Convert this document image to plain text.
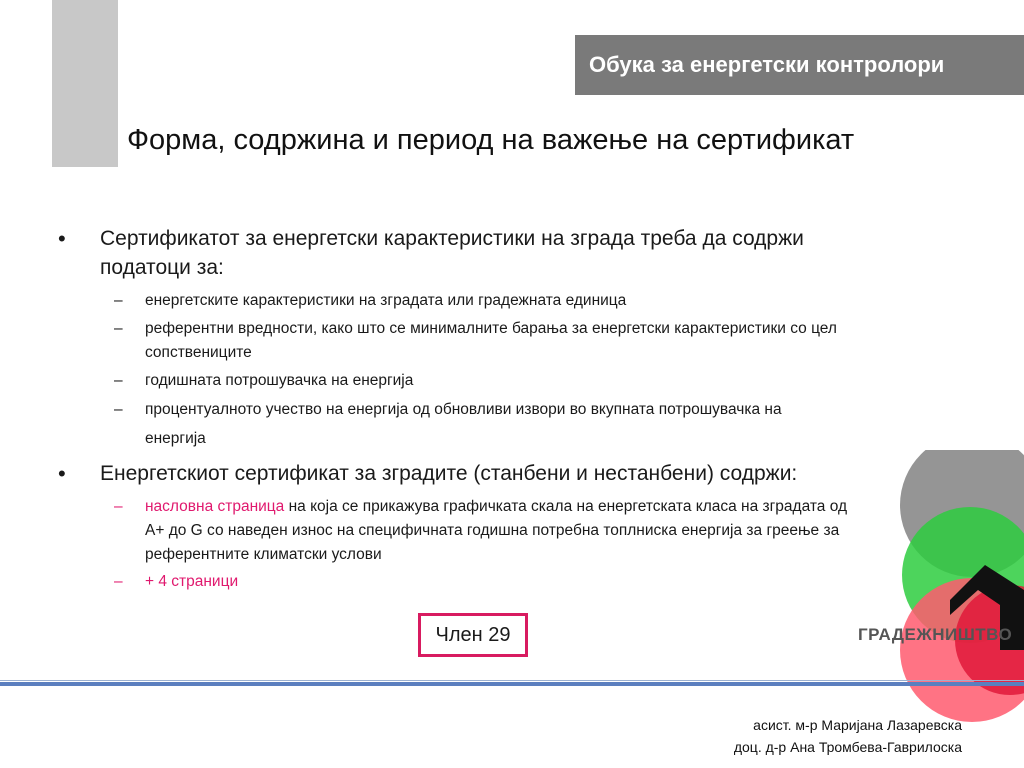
Обука за енергетски контролори
Форма, содржина и период на важење на сертификат
• Сертификатот за енергетски карактеристики на зграда треба да содржи
податоци за:
– енергетските карактеристики на зградата или градежната единица
– референтни вредности, како што се минималните барања за енергетски карактеристики со цел
сопствениците
– годишната потрошувачка на енергија
– процентуалното учество на енергија од обновливи извори во вкупната потрошувачка на
енергија
• Енергетскиот сертификат за зградите (станбени и нестанбени) содржи:
– насловна страница на која се прикажува графичката скала на енергетската класа на зградата од
A+ до G со наведен износ на специфичната годишна потребна топлниска енергија за греење за
референтните климатски услови
– + 4 страници
Член 29	ГРАДЕЖНИШТВО
асист. м-р Маријана Лазаревска
доц. д-р Ана Тромбева-Гаврилоска
